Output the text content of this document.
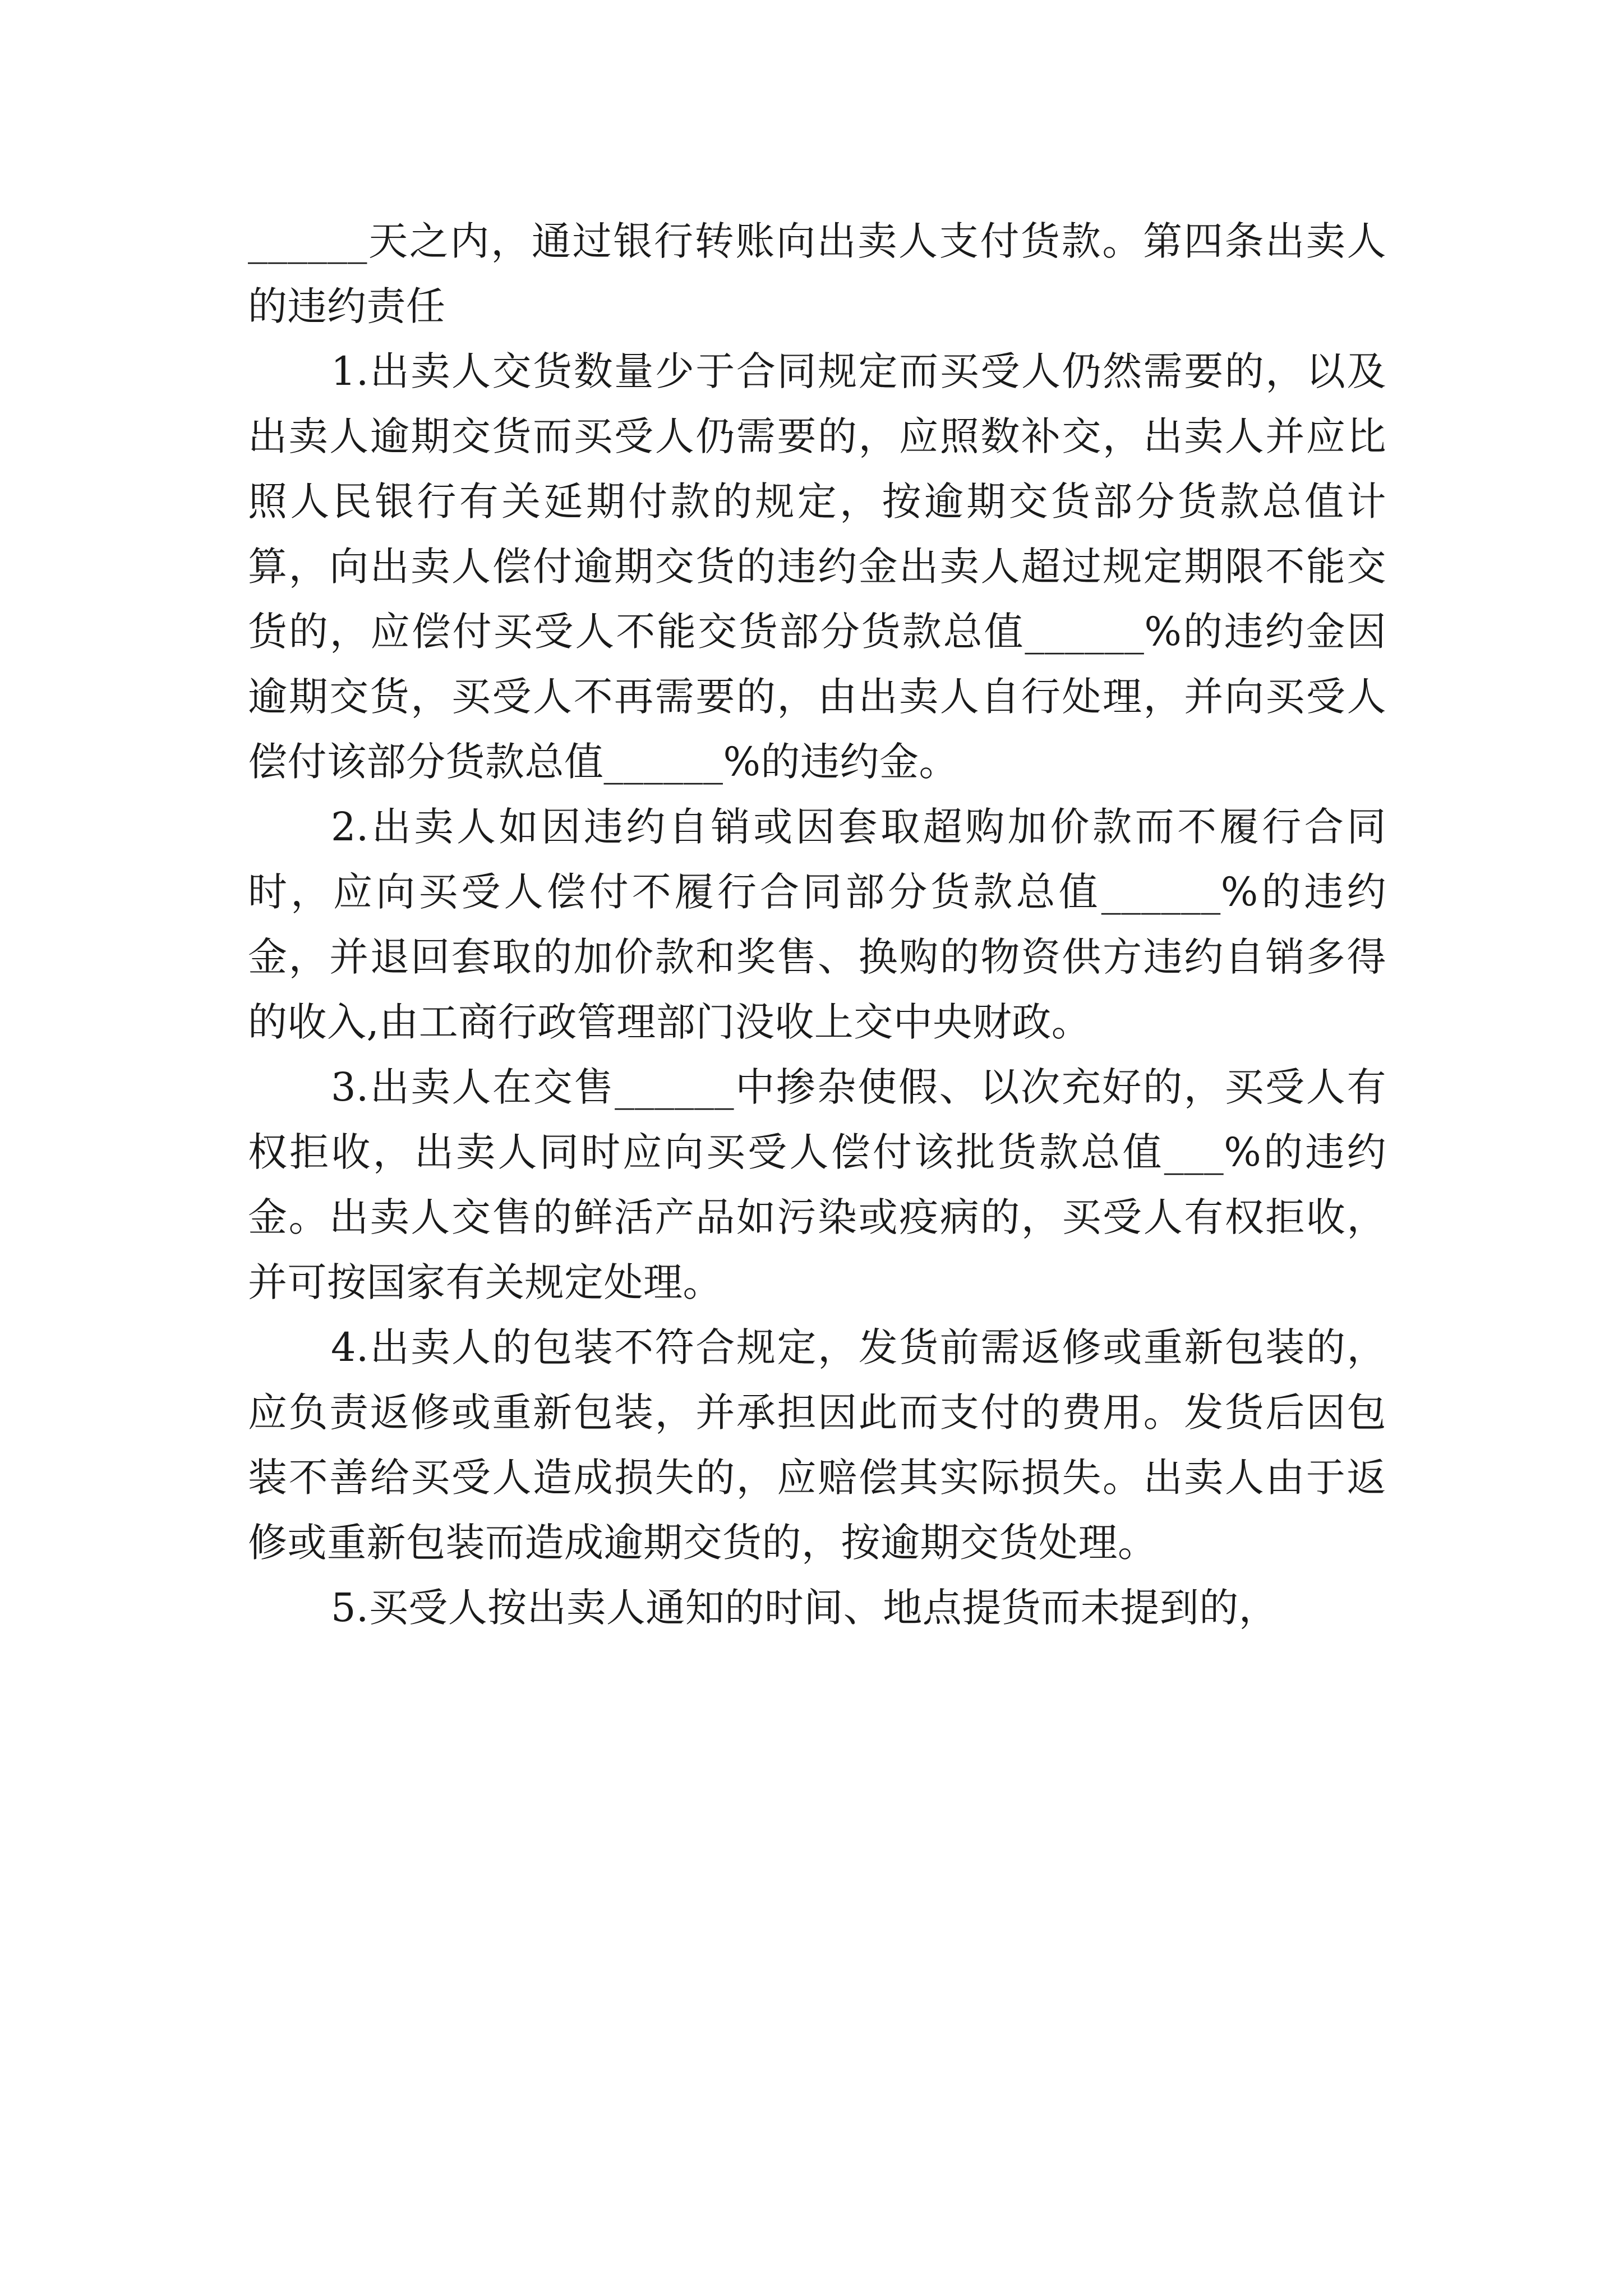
______天之内，通过银行转账向出卖人支付货款。第四条出卖人的违约责任

1.出卖人交货数量少于合同规定而买受人仍然需要的，以及出卖人逾期交货而买受人仍需要的，应照数补交，出卖人并应比照人民银行有关延期付款的规定，按逾期交货部分货款总值计算，向出卖人偿付逾期交货的违约金出卖人超过规定期限不能交货的，应偿付买受人不能交货部分货款总值______%的违约金因逾期交货，买受人不再需要的，由出卖人自行处理，并向买受人偿付该部分货款总值______%的违约金。

2.出卖人如因违约自销或因套取超购加价款而不履行合同时，应向买受人偿付不履行合同部分货款总值______%的违约金，并退回套取的加价款和奖售、换购的物资供方违约自销多得的收入,由工商行政管理部门没收上交中央财政。

3.出卖人在交售______中掺杂使假、以次充好的，买受人有权拒收，出卖人同时应向买受人偿付该批货款总值___%的违约金。出卖人交售的鲜活产品如污染或疫病的，买受人有权拒收，并可按国家有关规定处理。

4.出卖人的包装不符合规定，发货前需返修或重新包装的，应负责返修或重新包装，并承担因此而支付的费用。发货后因包装不善给买受人造成损失的，应赔偿其实际损失。出卖人由于返修或重新包装而造成逾期交货的，按逾期交货处理。

5.买受人按出卖人通知的时间、地点提货而未提到的，
